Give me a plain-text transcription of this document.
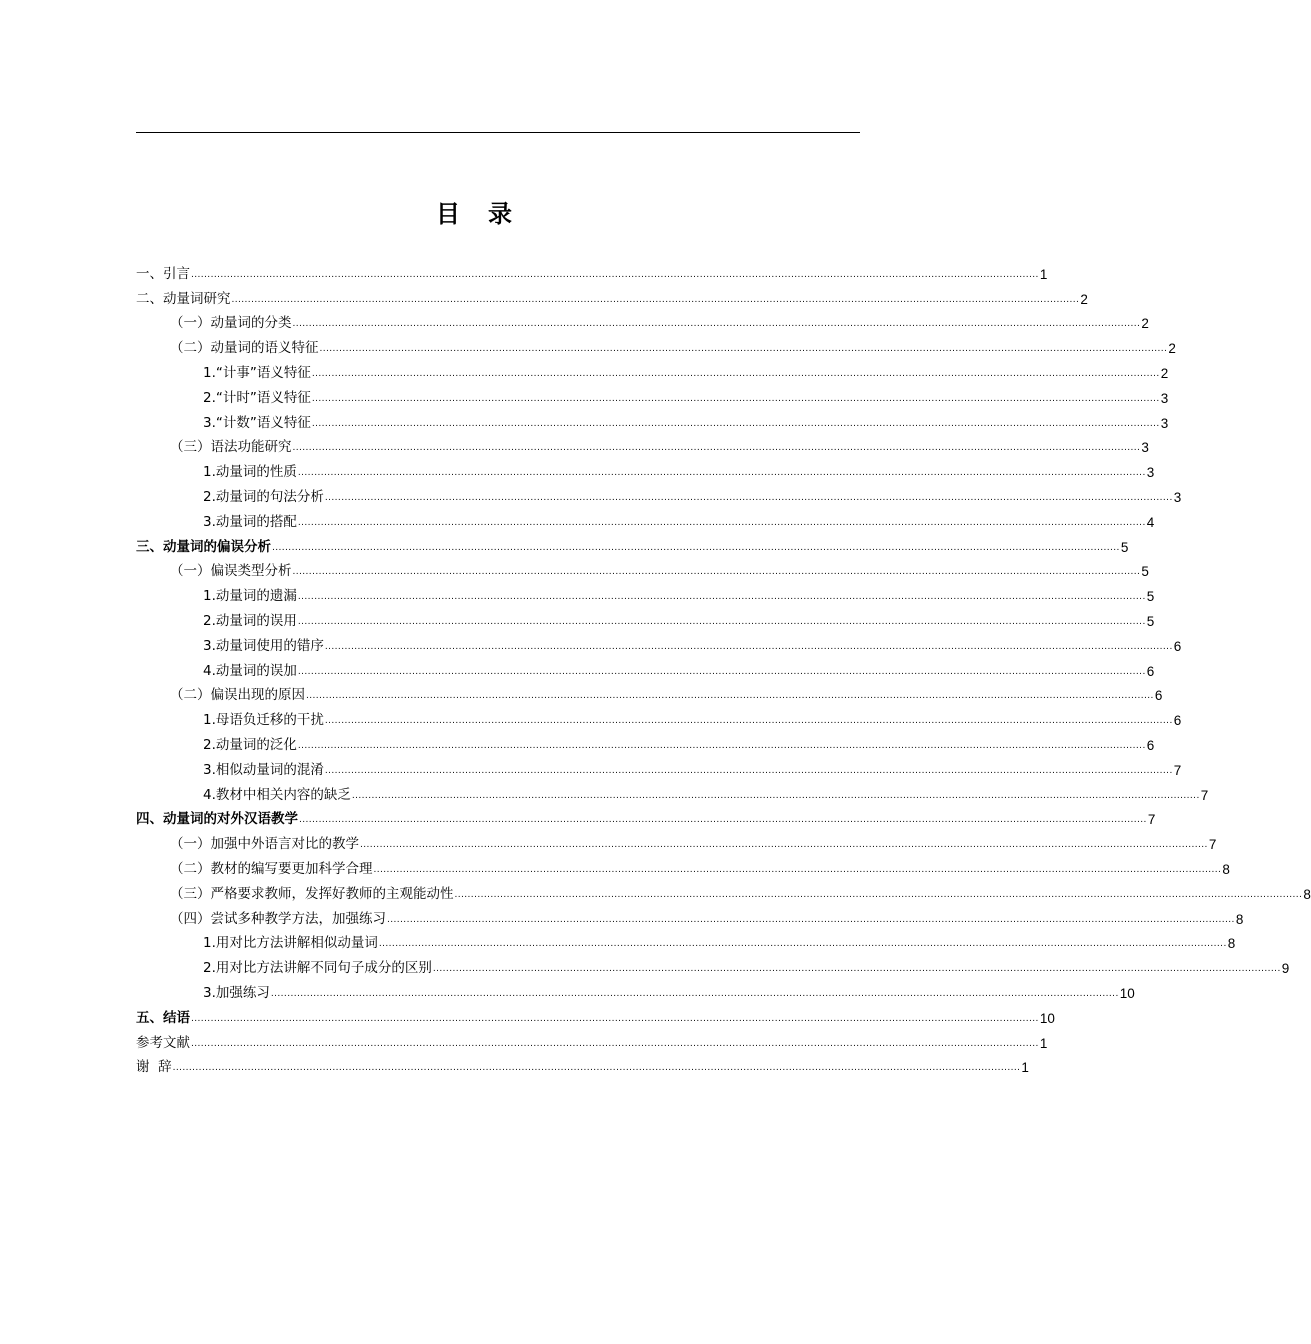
目　录
一、引言 .................................................................................................................................................................................................................................................................... 1
二、动量词研究 .................................................................................................................................................................................................................................................................... 2
（一）动量词的分类 .................................................................................................................................................................................................................................................................... 2
（二）动量词的语义特征 .................................................................................................................................................................................................................................................................... 2
1.“计事”语义特征 .................................................................................................................................................................................................................................................................... 2
2.“计时”语义特征 .................................................................................................................................................................................................................................................................... 3
3.“计数”语义特征 .................................................................................................................................................................................................................................................................... 3
（三）语法功能研究 .................................................................................................................................................................................................................................................................... 3
1.动量词的性质 .................................................................................................................................................................................................................................................................... 3
2.动量词的句法分析 .................................................................................................................................................................................................................................................................... 3
3.动量词的搭配 .................................................................................................................................................................................................................................................................... 4
三、动量词的偏误分析 .................................................................................................................................................................................................................................................................... 5
（一）偏误类型分析 .................................................................................................................................................................................................................................................................... 5
1.动量词的遗漏 .................................................................................................................................................................................................................................................................... 5
2.动量词的误用 .................................................................................................................................................................................................................................................................... 5
3.动量词使用的错序 .................................................................................................................................................................................................................................................................... 6
4.动量词的误加 .................................................................................................................................................................................................................................................................... 6
（二）偏误出现的原因 .................................................................................................................................................................................................................................................................... 6
1.母语负迁移的干扰 .................................................................................................................................................................................................................................................................... 6
2.动量词的泛化 .................................................................................................................................................................................................................................................................... 6
3.相似动量词的混淆 .................................................................................................................................................................................................................................................................... 7
4.教材中相关内容的缺乏 .................................................................................................................................................................................................................................................................... 7
四、动量词的对外汉语教学 .................................................................................................................................................................................................................................................................... 7
（一）加强中外语言对比的教学 .................................................................................................................................................................................................................................................................... 7
（二）教材的编写要更加科学合理 .................................................................................................................................................................................................................................................................... 8
（三）严格要求教师，发挥好教师的主观能动性 .................................................................................................................................................................................................................................................................... 8
（四）尝试多种教学方法，加强练习 .................................................................................................................................................................................................................................................................... 8
1.用对比方法讲解相似动量词 .................................................................................................................................................................................................................................................................... 8
2.用对比方法讲解不同句子成分的区别 .................................................................................................................................................................................................................................................................... 9
3.加强练习 .................................................................................................................................................................................................................................................................... 10
五、结语 .................................................................................................................................................................................................................................................................... 10
参考文献 .................................................................................................................................................................................................................................................................... 1
谢  辞 .................................................................................................................................................................................................................................................................... 1
